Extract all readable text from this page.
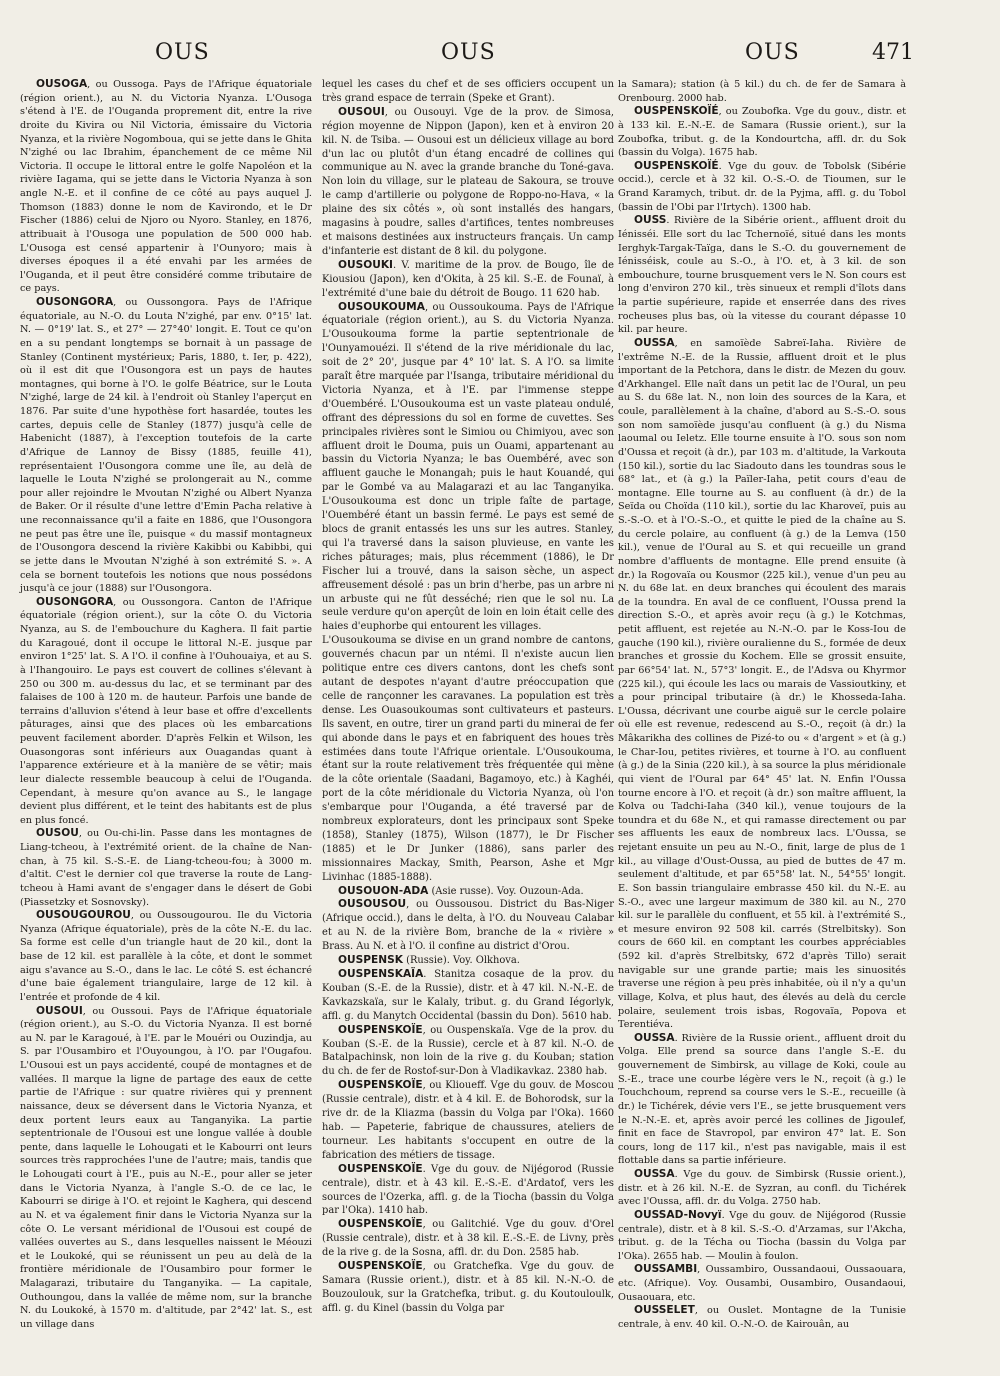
OUS	OUS	OUS	471

OUSOGA, ou Oussoga. Pays de l'Afrique équatoriale (région orient.), au N. du Victoria Nyanza. L'Ousoga s'étend à l'E. de l'Ouganda proprement dit, entre la rive droite du Kivira ou Nil Victoria, émissaire du Victoria Nyanza, et la rivière Nogomboua, qui se jette dans le Ghita N'zighé ou lac Ibrahim, épanchement de ce même Nil Victoria. Il occupe le littoral entre le golfe Napoléon et la rivière Iagama, qui se jette dans le Victoria Nyanza à son angle N.-E. et il confine de ce côté au pays auquel J. Thomson (1883) donne le nom de Kavirondo, et le Dr Fischer (1886) celui de Njoro ou Nyoro. Stanley, en 1876, attribuait à l'Ousoga une population de 500 000 hab. L'Ousoga est censé appartenir à l'Ounyoro; mais à diverses époques il a été envahi par les armées de l'Ouganda, et il peut être considéré comme tributaire de ce pays.

OUSONGORA, ou Oussongora. Pays de l'Afrique équatoriale, au N.-O. du Louta N'zighé, par env. 0°15' lat. N. — 0°19' lat. S., et 27° — 27°40' longit. E. Tout ce qu'on en a su pendant longtemps se bornait à un passage de Stanley (Continent mystérieux; Paris, 1880, t. Ier, p. 422), où il est dit que l'Ousongora est un pays de hautes montagnes, qui borne à l'O. le golfe Béatrice, sur le Louta N'zighé, large de 24 kil. à l'endroit où Stanley l'aperçut en 1876. Par suite d'une hypothèse fort hasardée, toutes les cartes, depuis celle de Stanley (1877) jusqu'à celle de Habenicht (1887), à l'exception toutefois de la carte d'Afrique de Lannoy de Bissy (1885, feuille 41), représentaient l'Ousongora comme une île, au delà de laquelle le Louta N'zighé se prolongerait au N., comme pour aller rejoindre le Mvoutan N'zighé ou Albert Nyanza de Baker. Or il résulte d'une lettre d'Emin Pacha relative à une reconnaissance qu'il a faite en 1886, que l'Ousongora ne peut pas être une île, puisque « du massif montagneux de l'Ousongora descend la rivière Kakibbi ou Kabibbi, qui se jette dans le Mvoutan N'zighé à son extrémité S. ». A cela se bornent toutefois les notions que nous possédons jusqu'à ce jour (1888) sur l'Ousongora.

OUSONGORA, ou Oussongora. Canton de l'Afrique équatoriale (région orient.), sur la côte O. du Victoria Nyanza, au S. de l'embouchure du Kaghera. Il fait partie du Karagoué, dont il occupe le littoral N.-E. jusque par environ 1°25' lat. S. A l'O. il confine à l'Ouhouaiya, et au S. à l'Ihangouiro. Le pays est couvert de collines s'élevant à 250 ou 300 m. au-dessus du lac, et se terminant par des falaises de 100 à 120 m. de hauteur. Parfois une bande de terrains d'alluvion s'étend à leur base et offre d'excellents pâturages, ainsi que des places où les embarcations peuvent facilement aborder. D'après Felkin et Wilson, les Ouasongoras sont inférieurs aux Ouagandas quant à l'apparence extérieure et à la manière de se vêtir; mais leur dialecte ressemble beaucoup à celui de l'Ouganda. Cependant, à mesure qu'on avance au S., le langage devient plus différent, et le teint des habitants est de plus en plus foncé.

OUSOU, ou Ou-chi-lin. Passe dans les montagnes de Liang-tcheou, à l'extrémité orient. de la chaîne de Nan-chan, à 75 kil. S.-S.-E. de Liang-tcheou-fou; à 3000 m. d'altit. C'est le dernier col que traverse la route de Lang-tcheou à Hami avant de s'engager dans le désert de Gobi (Piassetzky et Sosnovsky).

OUSOUGOUROU, ou Oussougourou. Ile du Victoria Nyanza (Afrique équatoriale), près de la côte N.-E. du lac. Sa forme est celle d'un triangle haut de 20 kil., dont la base de 12 kil. est parallèle à la côte, et dont le sommet aigu s'avance au S.-O., dans le lac. Le côté S. est échancré d'une baie également triangulaire, large de 12 kil. à l'entrée et profonde de 4 kil.

OUSOUI, ou Oussoui. Pays de l'Afrique équatoriale (région orient.), au S.-O. du Victoria Nyanza. Il est borné au N. par le Karagoué, à l'E. par le Mouéri ou Ouzindja, au S. par l'Ousambiro et l'Ouyoungou, à l'O. par l'Ougafou. L'Ousoui est un pays accidenté, coupé de montagnes et de vallées. Il marque la ligne de partage des eaux de cette partie de l'Afrique : sur quatre rivières qui y prennent naissance, deux se déversent dans le Victoria Nyanza, et deux portent leurs eaux au Tanganyika. La partie septentrionale de l'Ousoui est une longue vallée à double pente, dans laquelle le Lohougati et le Kabourri ont leurs sources très rapprochées l'une de l'autre; mais, tandis que le Lohougati court à l'E., puis au N.-E., pour aller se jeter dans le Victoria Nyanza, à l'angle S.-O. de ce lac, le Kabourri se dirige à l'O. et rejoint le Kaghera, qui descend au N. et va également finir dans le Victoria Nyanza sur la côte O. Le versant méridional de l'Ousoui est coupé de vallées ouvertes au S., dans lesquelles naissent le Méouzi et le Loukoké, qui se réunissent un peu au delà de la frontière méridionale de l'Ousambiro pour former le Malagarazi, tributaire du Tanganyika. — La capitale, Outhoungou, dans la vallée de même nom, sur la branche N. du Loukoké, à 1570 m. d'altitude, par 2°42' lat. S., est un village dans

lequel les cases du chef et de ses officiers occupent un très grand espace de terrain (Speke et Grant).

OUSOUI, ou Ousouyi. Vge de la prov. de Simosa, région moyenne de Nippon (Japon), ken et à environ 20 kil. N. de Tsiba. — Ousoui est un délicieux village au bord d'un lac ou plutôt d'un étang encadré de collines qui communique au N. avec la grande branche du Toné-gava. Non loin du village, sur le plateau de Sakoura, se trouve le camp d'artillerie ou polygone de Roppo-no-Hava, « la plaine des six côtés », où sont installés des hangars, magasins à poudre, salles d'artifices, tentes nombreuses et maisons destinées aux instructeurs français. Un camp d'infanterie est distant de 8 kil. du polygone.

OUSOUKI. V. maritime de la prov. de Bougo, île de Kiousiou (Japon), ken d'Okita, à 25 kil. S.-E. de Founaï, à l'extrémité d'une baie du détroit de Bougo. 11 620 hab.

OUSOUKOUMA, ou Oussoukouma. Pays de l'Afrique équatoriale (région orient.), au S. du Victoria Nyanza. L'Ousoukouma forme la partie septentrionale de l'Ounyamouézi. Il s'étend de la rive méridionale du lac, soit de 2° 20', jusque par 4° 10' lat. S. A l'O. sa limite paraît être marquée par l'Isanga, tributaire méridional du Victoria Nyanza, et à l'E. par l'immense steppe d'Ouembéré. L'Ousoukouma est un vaste plateau ondulé, offrant des dépressions du sol en forme de cuvettes. Ses principales rivières sont le Simiou ou Chimiyou, avec son affluent droit le Douma, puis un Ouami, appartenant au bassin du Victoria Nyanza; le bas Ouembéré, avec son affluent gauche le Monangah; puis le haut Kouandé, qui par le Gombé va au Malagarazi et au lac Tanganyika. L'Ousoukouma est donc un triple faîte de partage, l'Ouembéré étant un bassin fermé. Le pays est semé de blocs de granit entassés les uns sur les autres. Stanley, qui l'a traversé dans la saison pluvieuse, en vante les riches pâturages; mais, plus récemment (1886), le Dr Fischer lui a trouvé, dans la saison sèche, un aspect affreusement désolé : pas un brin d'herbe, pas un arbre ni un arbuste qui ne fût desséché; rien que le sol nu. La seule verdure qu'on aperçût de loin en loin était celle des haies d'euphorbe qui entourent les villages.

L'Ousoukouma se divise en un grand nombre de cantons, gouvernés chacun par un ntémi. Il n'existe aucun lien politique entre ces divers cantons, dont les chefs sont autant de despotes n'ayant d'autre préoccupation que celle de rançonner les caravanes. La population est très dense. Les Ouasoukoumas sont cultivateurs et pasteurs. Ils savent, en outre, tirer un grand parti du minerai de fer qui abonde dans le pays et en fabriquent des houes très estimées dans toute l'Afrique orientale. L'Ousoukouma, étant sur la route relativement très fréquentée qui mène de la côte orientale (Saadani, Bagamoyo, etc.) à Kaghéi, port de la côte méridionale du Victoria Nyanza, où l'on s'embarque pour l'Ouganda, a été traversé par de nombreux explorateurs, dont les principaux sont Speke (1858), Stanley (1875), Wilson (1877), le Dr Fischer (1885) et le Dr Junker (1886), sans parler des missionnaires Mackay, Smith, Pearson, Ashe et Mgr Livinhac (1885-1888).

OUSOUON-ADA (Asie russe). Voy. Ouzoun-Ada.

OUSOUSOU, ou Oussousou. District du Bas-Niger (Afrique occid.), dans le delta, à l'O. du Nouveau Calabar et au N. de la rivière Bom, branche de la « rivière » Brass. Au N. et à l'O. il confine au district d'Orou.

OUSPENSK (Russie). Voy. Olkhova.

OUSPENSKAÏA. Stanitza cosaque de la prov. du Kouban (S.-E. de la Russie), distr. et à 47 kil. N.-N.-E. de Kavkazskaïa, sur le Kalaly, tribut. g. du Grand Iégorlyk, affl. g. du Manytch Occidental (bassin du Don). 5610 hab.

OUSPENSKOÏE, ou Ouspenskaïa. Vge de la prov. du Kouban (S.-E. de la Russie), cercle et à 87 kil. N.-O. de Batalpachinsk, non loin de la rive g. du Kouban; station du ch. de fer de Rostof-sur-Don à Vladikavkaz. 2380 hab.

OUSPENSKOÏE, ou Klioueff. Vge du gouv. de Moscou (Russie centrale), distr. et à 4 kil. E. de Bohorodsk, sur la rive dr. de la Kliazma (bassin du Volga par l'Oka). 1660 hab. — Papeterie, fabrique de chaussures, ateliers de tourneur. Les habitants s'occupent en outre de la fabrication des métiers de tissage.

OUSPENSKOÏE. Vge du gouv. de Nijégorod (Russie centrale), distr. et à 43 kil. E.-S.-E. d'Ardatof, vers les sources de l'Ozerka, affl. g. de la Tiocha (bassin du Volga par l'Oka). 1410 hab.

OUSPENSKOÏE, ou Galitchié. Vge du gouv. d'Orel (Russie centrale), distr. et à 38 kil. E.-S.-E. de Livny, près de la rive g. de la Sosna, affl. dr. du Don. 2585 hab.

OUSPENSKOÏE, ou Gratchefka. Vge du gouv. de Samara (Russie orient.), distr. et à 85 kil. N.-N.-O. de Bouzoulouk, sur la Gratchefka, tribut. g. du Koutouloulk, affl. g. du Kinel (bassin du Volga par

la Samara); station (à 5 kil.) du ch. de fer de Samara à Orenbourg. 2000 hab.

OUSPENSKOÏÉ, ou Zoubofka. Vge du gouv., distr. et à 133 kil. E.-N.-E. de Samara (Russie orient.), sur la Zoubofka, tribut. g. de la Kondourtcha, affl. dr. du Sok (bassin du Volga). 1675 hab.

OUSPENSKOÏÉ. Vge du gouv. de Tobolsk (Sibérie occid.), cercle et à 32 kil. O.-S.-O. de Tioumen, sur le Grand Karamych, tribut. dr. de la Pyjma, affl. g. du Tobol (bassin de l'Obi par l'Irtych). 1300 hab.

OUSS. Rivière de la Sibérie orient., affluent droit du Iénisséi. Elle sort du lac Tchernoïé, situé dans les monts Ierghyk-Targak-Taïga, dans le S.-O. du gouvernement de Iénisséisk, coule au S.-O., à l'O. et, à 3 kil. de son embouchure, tourne brusquement vers le N. Son cours est long d'environ 270 kil., très sinueux et rempli d'îlots dans la partie supérieure, rapide et enserrée dans des rives rocheuses plus bas, où la vitesse du courant dépasse 10 kil. par heure.

OUSSA, en samoïède Sabreï-Iaha. Rivière de l'extrême N.-E. de la Russie, affluent droit et le plus important de la Petchora, dans le distr. de Mezen du gouv. d'Arkhangel. Elle naît dans un petit lac de l'Oural, un peu au S. du 68e lat. N., non loin des sources de la Kara, et coule, parallèlement à la chaîne, d'abord au S.-S.-O. sous son nom samoïède jusqu'au confluent (à g.) du Nisma laoumal ou Ieletz. Elle tourne ensuite à l'O. sous son nom d'Oussa et reçoit (à dr.), par 103 m. d'altitude, la Varkouta (150 kil.), sortie du lac Siadouto dans les toundras sous le 68° lat., et (à g.) la Païler-Iaha, petit cours d'eau de montagne. Elle tourne au S. au confluent (à dr.) de la Seïda ou Choïda (110 kil.), sortie du lac Kharoveï, puis au S.-S.-O. et à l'O.-S.-O., et quitte le pied de la chaîne au S. du cercle polaire, au confluent (à g.) de la Lemva (150 kil.), venue de l'Oural au S. et qui recueille un grand nombre d'affluents de montagne. Elle prend ensuite (à dr.) la Rogovaïa ou Kousmor (225 kil.), venue d'un peu au N. du 68e lat. en deux branches qui écoulent des marais de la toundra. En aval de ce confluent, l'Oussa prend la direction S.-O., et après avoir reçu (à g.) le Kotchmas, petit affluent, est rejetée au N.-N.-O. par le Koss-Iou de gauche (190 kil.), rivière ouralienne du S., formée de deux branches et grossie du Kochem. Elle se grossit ensuite, par 66°54' lat. N., 57°3' longit. E., de l'Adsva ou Khyrmor (225 kil.), qui écoule les lacs ou marais de Vassioutkiny, et a pour principal tributaire (à dr.) le Khosseda-Iaha. L'Oussa, décrivant une courbe aiguë sur le cercle polaire où elle est revenue, redescend au S.-O., reçoit (à dr.) la Mâkarikha des collines de Pizé-to ou « d'argent » et (à g.) le Char-Iou, petites rivières, et tourne à l'O. au confluent (à g.) de la Sinia (220 kil.), à sa source la plus méridionale qui vient de l'Oural par 64° 45' lat. N. Enfin l'Oussa tourne encore à l'O. et reçoit (à dr.) son maître affluent, la Kolva ou Tadchi-Iaha (340 kil.), venue toujours de la toundra et du 68e N., et qui ramasse directement ou par ses affluents les eaux de nombreux lacs. L'Oussa, se rejetant ensuite un peu au N.-O., finit, large de plus de 1 kil., au village d'Oust-Oussa, au pied de buttes de 47 m. seulement d'altitude, et par 65°58' lat. N., 54°55' longit. E. Son bassin triangulaire embrasse 450 kil. du N.-E. au S.-O., avec une largeur maximum de 380 kil. au N., 270 kil. sur le parallèle du confluent, et 55 kil. à l'extrémité S., et mesure environ 92 508 kil. carrés (Strelbitsky). Son cours de 660 kil. en comptant les courbes appréciables (592 kil. d'après Strelbitsky, 672 d'après Tillo) serait navigable sur une grande partie; mais les sinuosités traverse une région à peu près inhabitée, où il n'y a qu'un village, Kolva, et plus haut, des élevés au delà du cercle polaire, seulement trois isbas, Rogovaïa, Popova et Terentiéva.

OUSSA. Rivière de la Russie orient., affluent droit du Volga. Elle prend sa source dans l'angle S.-E. du gouvernement de Simbirsk, au village de Koki, coule au S.-E., trace une courbe légère vers le N., reçoit (à g.) le Touchchoum, reprend sa course vers le S.-E., recueille (à dr.) le Tichérek, dévie vers l'E., se jette brusquement vers le N.-N.-E. et, après avoir percé les collines de Jigoulef, finit en face de Stavropol, par environ 47° lat. E. Son cours, long de 117 kil., n'est pas navigable, mais il est flottable dans sa partie inférieure.

OUSSA. Vge du gouv. de Simbirsk (Russie orient.), distr. et à 26 kil. N.-E. de Syzran, au confl. du Tichérek avec l'Oussa, affl. dr. du Volga. 2750 hab.

OUSSAD-Novyï. Vge du gouv. de Nijégorod (Russie centrale), distr. et à 8 kil. S.-S.-O. d'Arzamas, sur l'Akcha, tribut. g. de la Técha ou Tiocha (bassin du Volga par l'Oka). 2655 hab. — Moulin à foulon.

OUSSAMBI, Oussambiro, Oussandaoui, Oussaouara, etc. (Afrique). Voy. Ousambi, Ousambiro, Ousandaoui, Ousaouara, etc.

OUSSELET, ou Ouslet. Montagne de la Tunisie centrale, à env. 40 kil. O.-N.-O. de Kairouân, au
